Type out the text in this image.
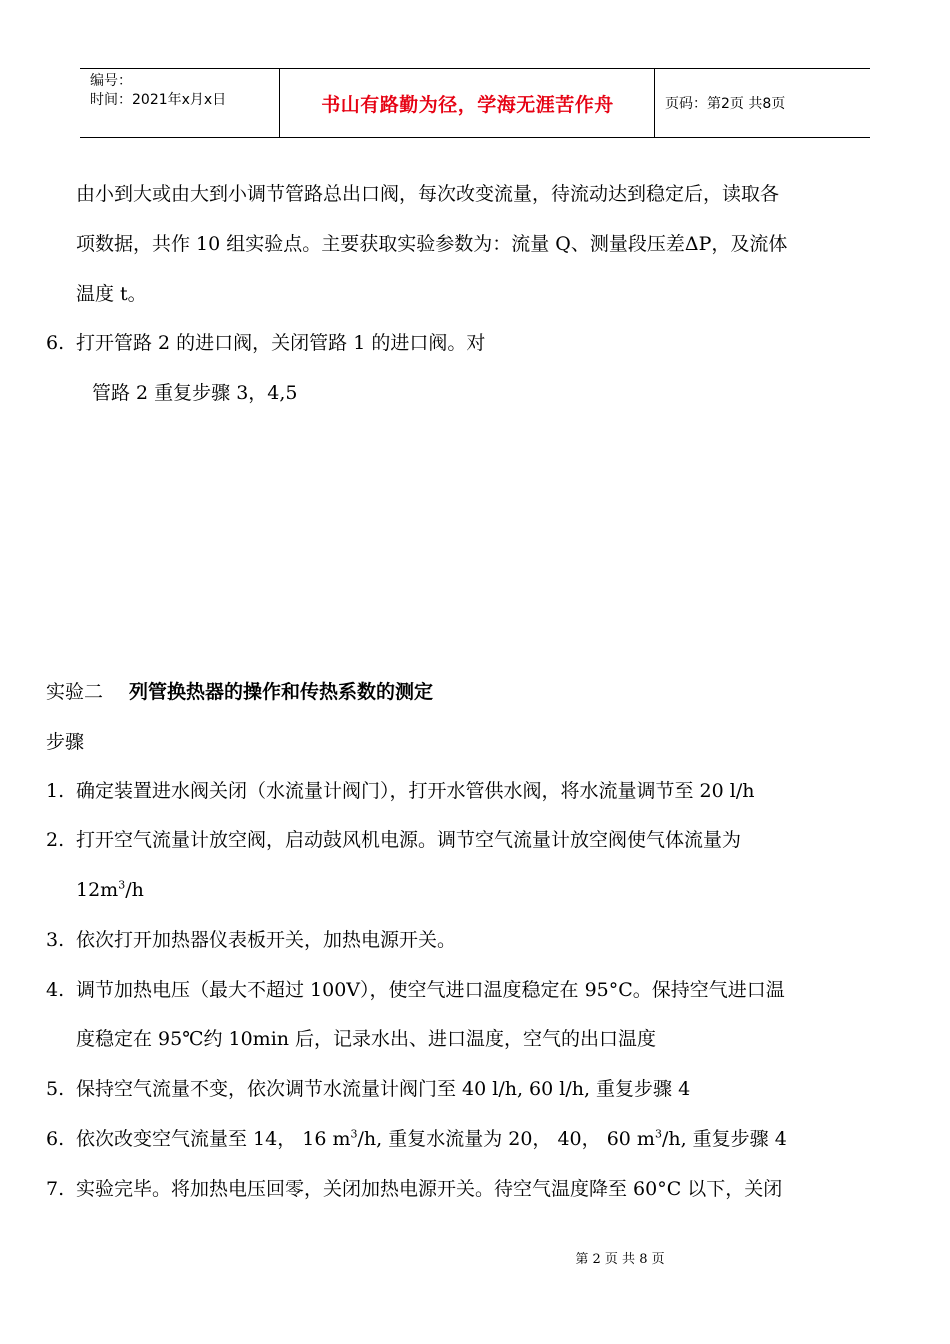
编号：
时间：2021年x月x日	书山有路勤为径，学海无涯苦作舟	页码：第2页 共8页
由小到大或由大到小调节管路总出口阀，每次改变流量，待流动达到稳定后，读取各
项数据，共作 10 组实验点。主要获取实验参数为：流量 Q、测量段压差ΔP，及流体
温度 t。
6. 打开管路 2 的进口阀，关闭管路 1 的进口阀。对
管路 2 重复步骤 3，4,5
实验二 列管换热器的操作和传热系数的测定
步骤
1. 确定装置进水阀关闭（水流量计阀门），打开水管供水阀，将水流量调节至 20 l/h
2. 打开空气流量计放空阀，启动鼓风机电源。调节空气流量计放空阀使气体流量为
$12m^3/h$
3. 依次打开加热器仪表板开关，加热电源开关。
4. 调节加热电压（最大不超过 100V），使空气进口温度稳定在 95°C。保持空气进口温
度稳定在 95℃约 10min 后，记录水出、进口温度，空气的出口温度
5. 保持空气流量不变，依次调节水流量计阀门至 40 l/h, 60 l/h, 重复步骤 4
6. 依次改变空气流量至 14， 16 $m^3/h$, 重复水流量为 20， 40， 60 $m^3/h$, 重复步骤 4
7. 实验完毕。将加热电压回零，关闭加热电源开关。待空气温度降至 60°C 以下，关闭
第 2 页 共 8 页
